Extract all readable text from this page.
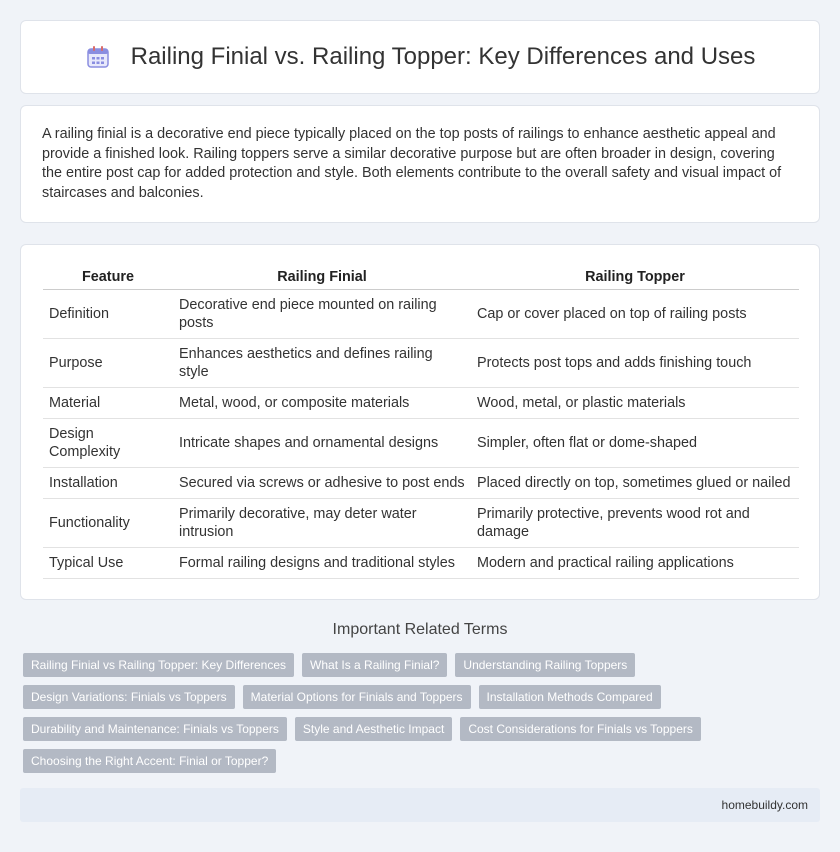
Railing Finial vs. Railing Topper: Key Differences and Uses

A railing finial is a decorative end piece typically placed on the top posts of railings to enhance aesthetic appeal and provide a finished look. Railing toppers serve a similar decorative purpose but are often broader in design, covering the entire post cap for added protection and style. Both elements contribute to the overall safety and visual impact of staircases and balconies.

Feature	Railing Finial	Railing Topper
Definition	Decorative end piece mounted on railing posts	Cap or cover placed on top of railing posts
Purpose	Enhances aesthetics and defines railing style	Protects post tops and adds finishing touch
Material	Metal, wood, or composite materials	Wood, metal, or plastic materials
Design Complexity	Intricate shapes and ornamental designs	Simpler, often flat or dome-shaped
Installation	Secured via screws or adhesive to post ends	Placed directly on top, sometimes glued or nailed
Functionality	Primarily decorative, may deter water intrusion	Primarily protective, prevents wood rot and damage
Typical Use	Formal railing designs and traditional styles	Modern and practical railing applications
Important Related Terms
Railing Finial vs Railing Topper: Key Differences	What Is a Railing Finial?	Understanding Railing Toppers
Design Variations: Finials vs Toppers	Material Options for Finials and Toppers	Installation Methods Compared
Durability and Maintenance: Finials vs Toppers	Style and Aesthetic Impact	Cost Considerations for Finials vs Toppers
Choosing the Right Accent: Finial or Topper?
homebuildy.com
